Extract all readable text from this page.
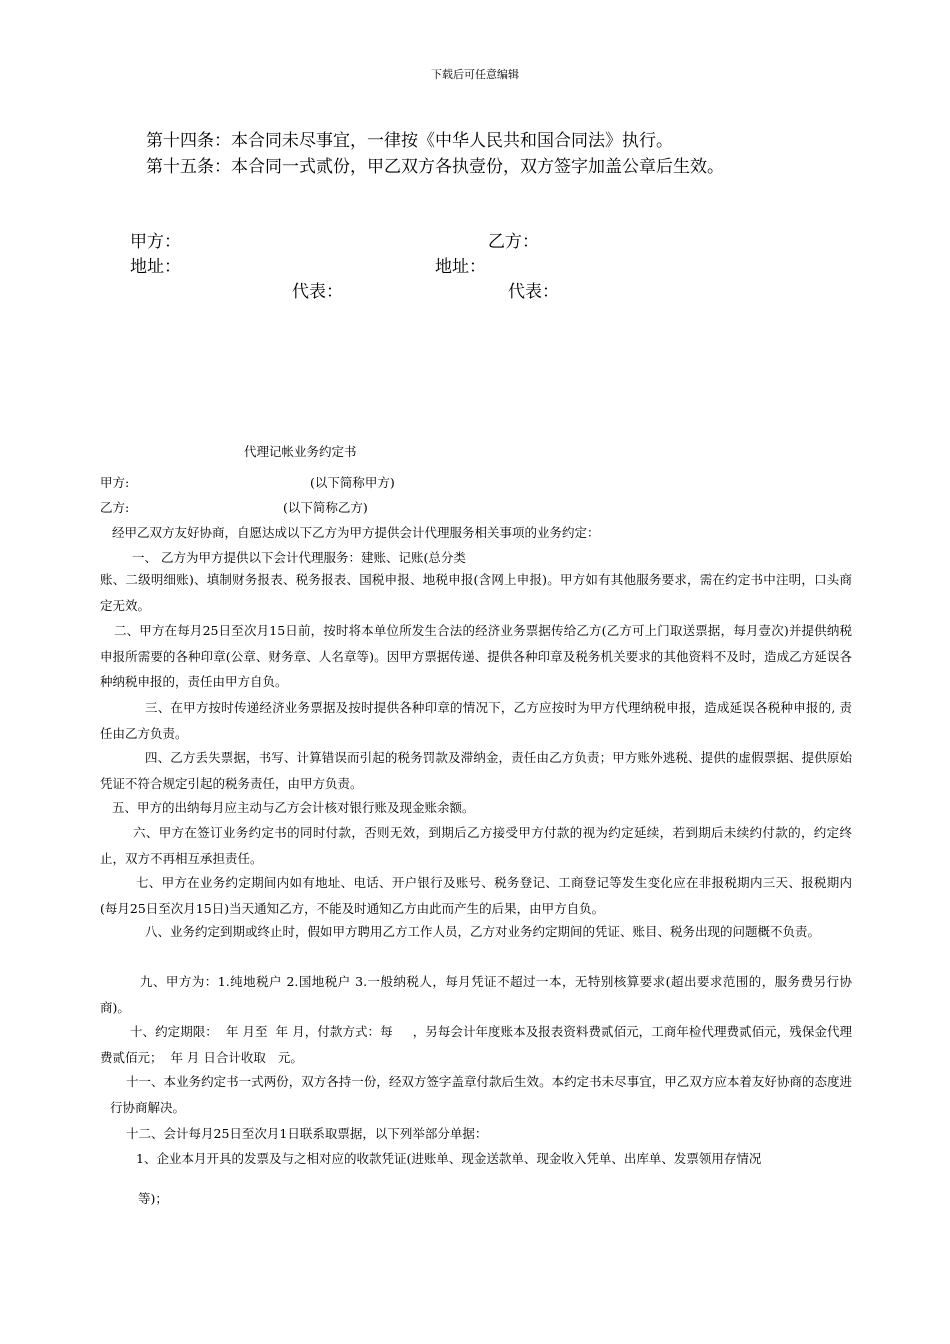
下载后可任意编辑
第十四条：本合同未尽事宜，一律按《中华人民共和国合同法》执行。
第十五条：本合同一式贰份，甲乙双方各执壹份，双方签字加盖公章后生效。
甲方：	乙方：
地址：	地址：
代表：	代表：
代理记帐业务约定书
甲方:	(以下简称甲方)
乙方:	(以下简称乙方)
经甲乙双方友好协商，自愿达成以下乙方为甲方提供会计代理服务相关事项的业务约定：
一、 乙方为甲方提供以下会计代理服务：建账、记账(总分类
账、二级明细账)、填制财务报表、税务报表、国税申报、地税申报(含网上申报)。甲方如有其他服务要求，需在约定书中注明，口头商定无效。
二、甲方在每月25日至次月15日前，按时将本单位所发生合法的经济业务票据传给乙方(乙方可上门取送票据，每月壹次)并提供纳税申报所需要的各种印章(公章、财务章、人名章等)。因甲方票据传递、提供各种印章及税务机关要求的其他资料不及时，造成乙方延误各种纳税申报的，责任由甲方自负。
三、在甲方按时传递经济业务票据及按时提供各种印章的情况下，乙方应按时为甲方代理纳税申报，造成延误各税种申报的, 责任由乙方负责。
四、乙方丢失票据，书写、计算错误而引起的税务罚款及滞纳金，责任由乙方负责；甲方账外逃税、提供的虚假票据、提供原始凭证不符合规定引起的税务责任，由甲方负责。
五、甲方的出纳每月应主动与乙方会计核对银行账及现金账余额。
六、甲方在签订业务约定书的同时付款，否则无效，到期后乙方接受甲方付款的视为约定延续，若到期后未续约付款的，约定终止，双方不再相互承担责任。
七、甲方在业务约定期间内如有地址、电话、开户银行及账号、税务登记、工商登记等发生变化应在非报税期内三天、报税期内(每月25日至次月15日)当天通知乙方，不能及时通知乙方由此而产生的后果，由甲方自负。
八、业务约定到期或终止时，假如甲方聘用乙方工作人员，乙方对业务约定期间的凭证、账目、税务出现的问题概不负责。
九、甲方为：1.纯地税户 2.国地税户 3.一般纳税人，每月凭证不超过一本，无特别核算要求(超出要求范围的，服务费另行协商)。
十、约定期限：  年 月至  年 月，付款方式：每     ，另每会计年度账本及报表资料费贰佰元，工商年检代理费贰佰元，残保金代理费贰佰元；  年 月 日合计收取   元。
十一、本业务约定书一式两份，双方各持一份，经双方签字盖章付款后生效。本约定书未尽事宜，甲乙双方应本着友好协商的态度进行协商解决。
十二、会计每月25日至次月1日联系取票据，以下列举部分单据：
1、企业本月开具的发票及与之相对应的收款凭证(进账单、现金送款单、现金收入凭单、出库单、发票领用存情况
等)；
